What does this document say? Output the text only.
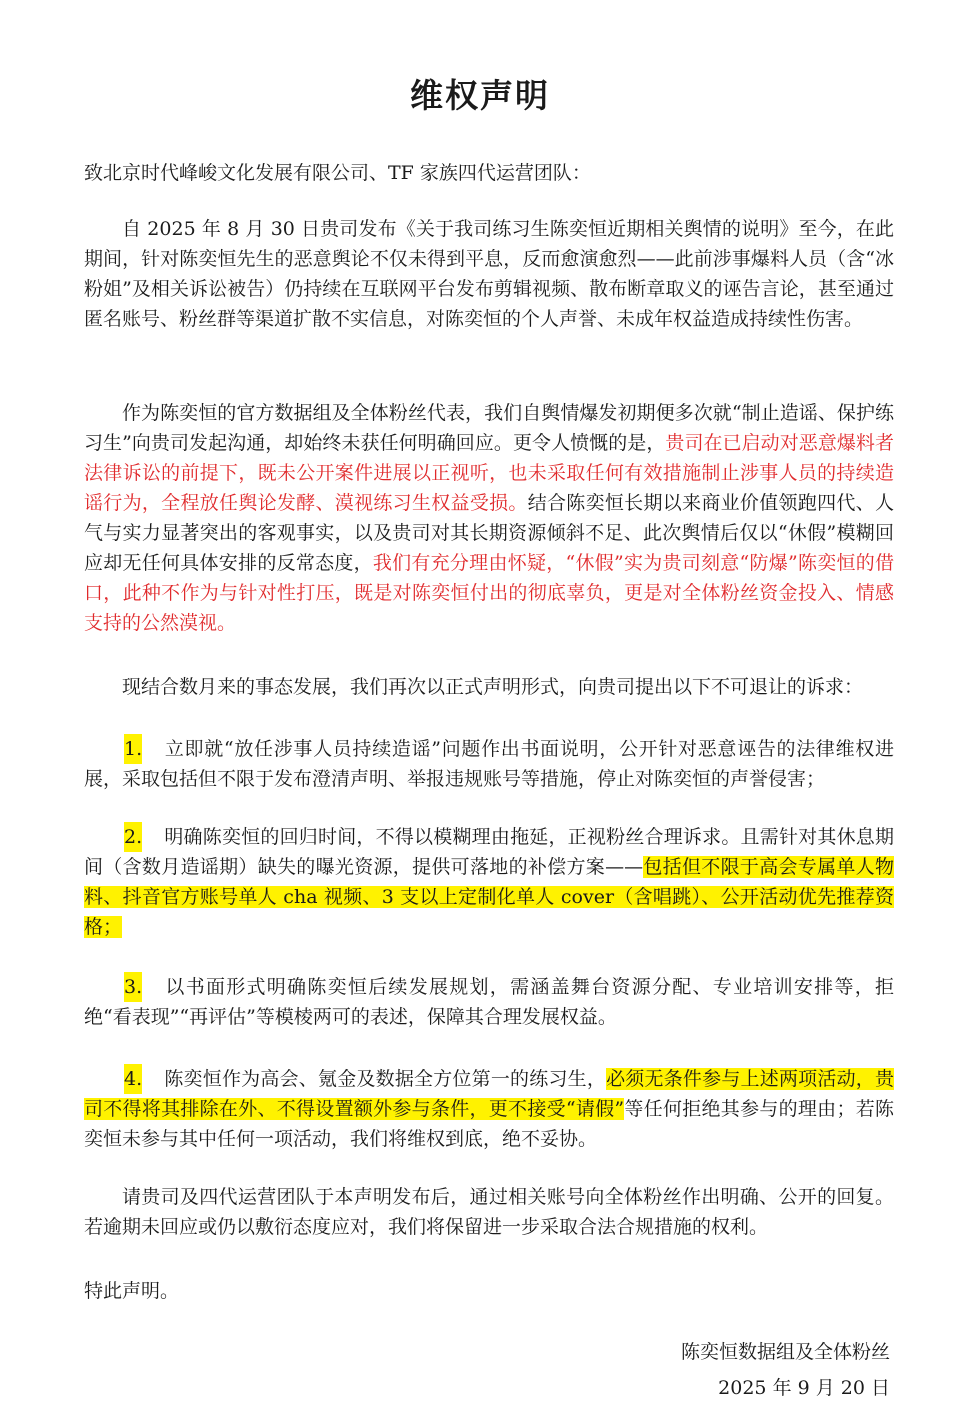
维权声明
致北京时代峰峻文化发展有限公司、TF 家族四代运营团队：
自 2025 年 8 月 30 日贵司发布《关于我司练习生陈奕恒近期相关舆情的说明》至今，在此期间，针对陈奕恒先生的恶意舆论不仅未得到平息，反而愈演愈烈——此前涉事爆料人员（含“冰粉姐”及相关诉讼被告）仍持续在互联网平台发布剪辑视频、散布断章取义的诬告言论，甚至通过匿名账号、粉丝群等渠道扩散不实信息，对陈奕恒的个人声誉、未成年权益造成持续性伤害。
作为陈奕恒的官方数据组及全体粉丝代表，我们自舆情爆发初期便多次就“制止造谣、保护练习生”向贵司发起沟通，却始终未获任何明确回应。更令人愤慨的是，贵司在已启动对恶意爆料者法律诉讼的前提下，既未公开案件进展以正视听，也未采取任何有效措施制止涉事人员的持续造谣行为，全程放任舆论发酵、漠视练习生权益受损。结合陈奕恒长期以来商业价值领跑四代、人气与实力显著突出的客观事实，以及贵司对其长期资源倾斜不足、此次舆情后仅以“休假”模糊回应却无任何具体安排的反常态度，我们有充分理由怀疑，“休假”实为贵司刻意“防爆”陈奕恒的借口，此种不作为与针对性打压，既是对陈奕恒付出的彻底辜负，更是对全体粉丝资金投入、情感支持的公然漠视。
现结合数月来的事态发展，我们再次以正式声明形式，向贵司提出以下不可退让的诉求：
1. 立即就“放任涉事人员持续造谣”问题作出书面说明，公开针对恶意诬告的法律维权进展，采取包括但不限于发布澄清声明、举报违规账号等措施，停止对陈奕恒的声誉侵害；
2. 明确陈奕恒的回归时间，不得以模糊理由拖延，正视粉丝合理诉求。且需针对其休息期间（含数月造谣期）缺失的曝光资源，提供可落地的补偿方案——包括但不限于高会专属单人物料、抖音官方账号单人 cha 视频、3 支以上定制化单人 cover（含唱跳）、公开活动优先推荐资格；
3. 以书面形式明确陈奕恒后续发展规划，需涵盖舞台资源分配、专业培训安排等，拒绝“看表现”“再评估”等模棱两可的表述，保障其合理发展权益。
4. 陈奕恒作为高会、氪金及数据全方位第一的练习生，必须无条件参与上述两项活动，贵司不得将其排除在外、不得设置额外参与条件，更不接受“请假”等任何拒绝其参与的理由；若陈奕恒未参与其中任何一项活动，我们将维权到底，绝不妥协。
请贵司及四代运营团队于本声明发布后，通过相关账号向全体粉丝作出明确、公开的回复。若逾期未回应或仍以敷衍态度应对，我们将保留进一步采取合法合规措施的权利。
特此声明。
陈奕恒数据组及全体粉丝
2025 年 9 月 20 日
